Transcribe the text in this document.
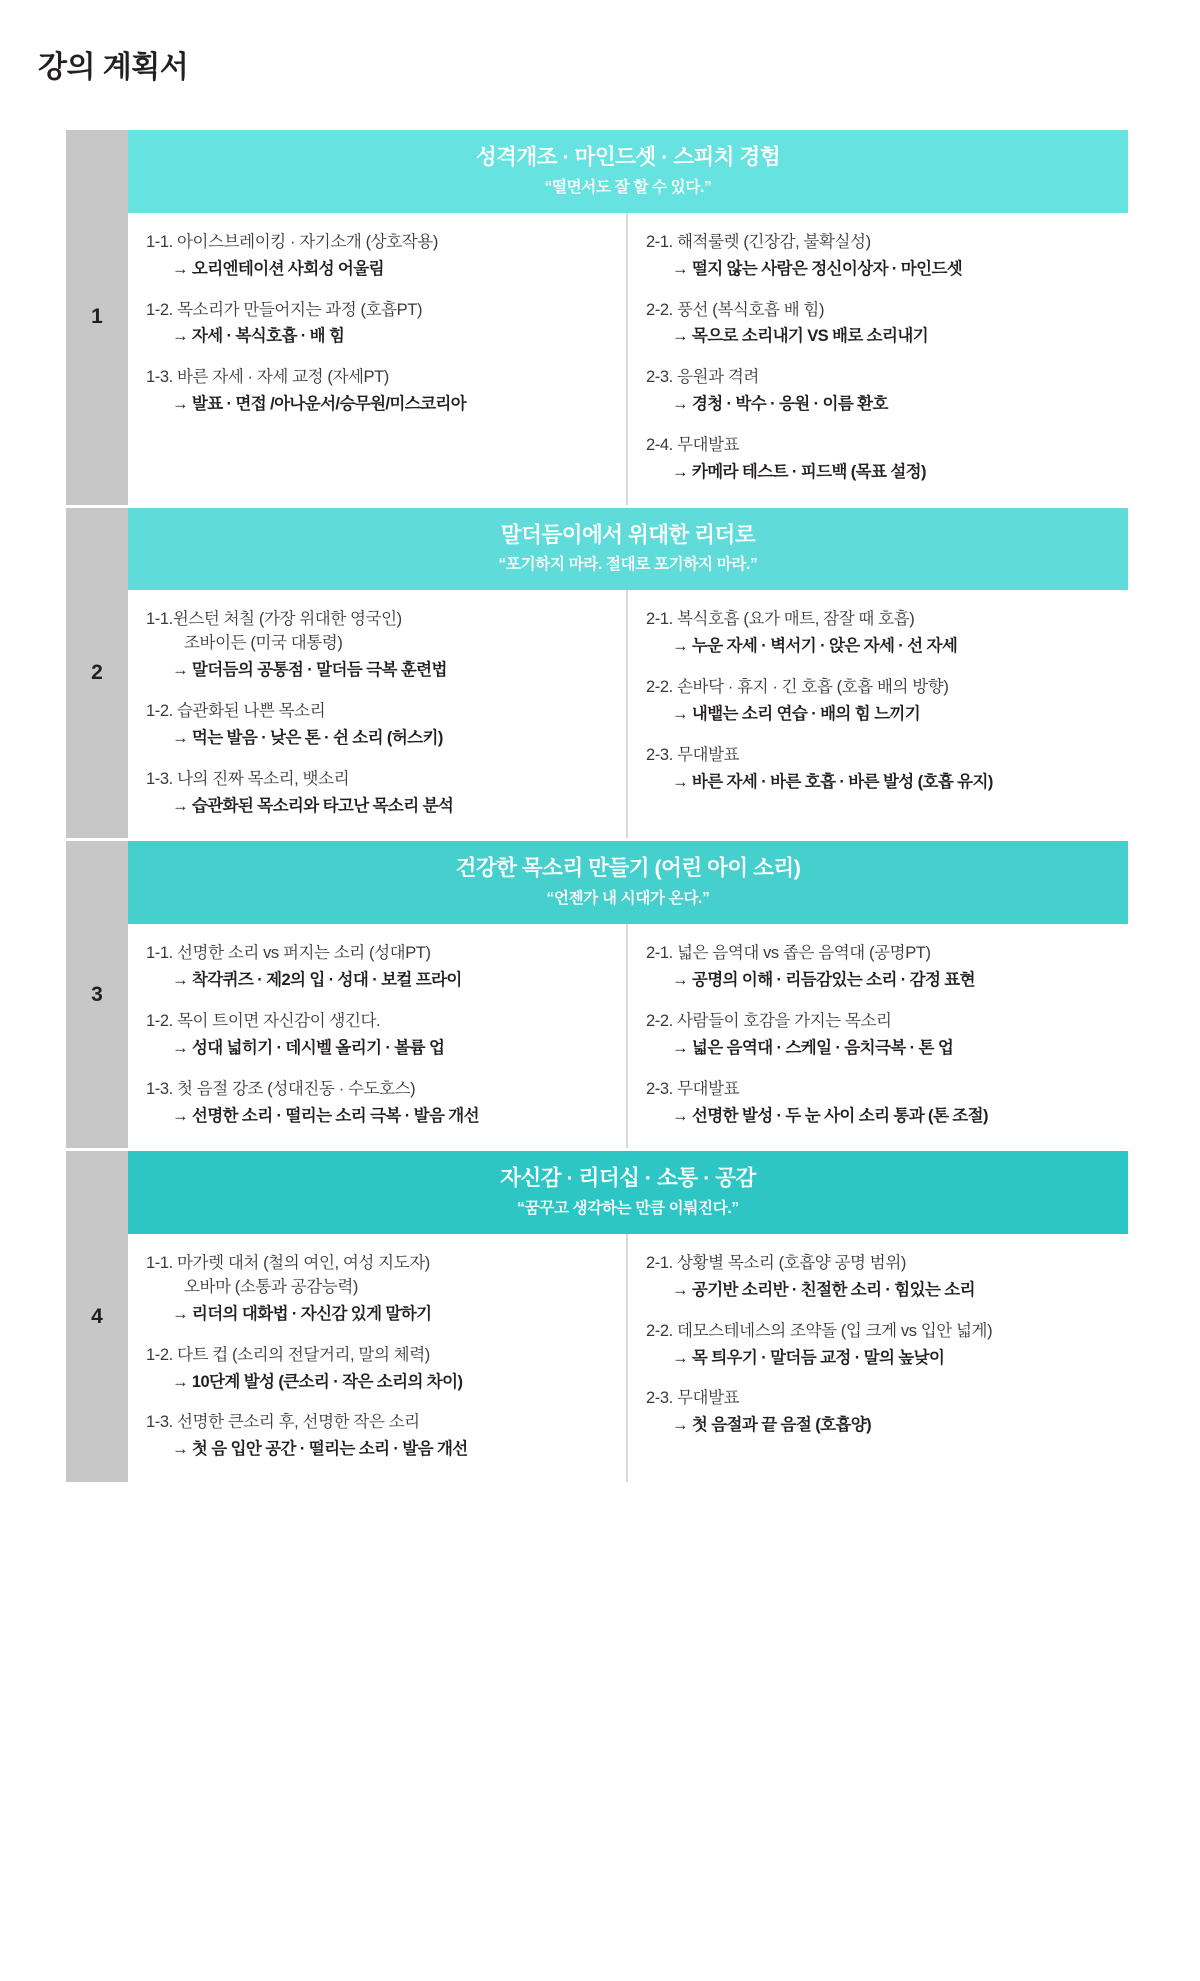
강의 계획서
1
성격개조 · 마인드셋 · 스피치 경험
“떨면서도 잘 할 수 있다.”
1-1. 아이스브레이킹 · 자기소개 (상호작용)
→ 오리엔테이션 사회성 어울림
1-2. 목소리가 만들어지는 과정 (호흡PT)
→ 자세 · 복식호흡 · 배 힘
1-3. 바른 자세 · 자세 교정 (자세PT)
→ 발표 · 면접 /아나운서/승무원/미스코리아
2-1. 해적룰렛 (긴장감, 불확실성)
→ 떨지 않는 사람은 정신이상자 · 마인드셋
2-2. 풍선 (복식호흡 배 힘)
→ 목으로 소리내기 VS 배로 소리내기
2-3. 응원과 격려
→ 경청 · 박수 · 응원 · 이름 환호
2-4. 무대발표
→ 카메라 테스트 · 피드백 (목표 설정)
2
말더듬이에서 위대한 리더로
“포기하지 마라. 절대로 포기하지 마라.”
1-1.윈스턴 처칠 (가장 위대한 영국인)
조바이든 (미국 대통령)
→ 말더듬의 공통점 · 말더듬 극복 훈련법
1-2. 습관화된 나쁜 목소리
→ 먹는 발음 · 낮은 톤 · 쉰 소리 (허스키)
1-3. 나의 진짜 목소리, 뱃소리
→ 습관화된 목소리와 타고난 목소리 분석
2-1. 복식호흡 (요가 매트, 잠잘 때 호흡)
→ 누운 자세 · 벽서기 · 앉은 자세 · 선 자세
2-2. 손바닥 · 휴지 · 긴 호흡 (호흡 배의 방향)
→ 내뱉는 소리 연습 · 배의 힘 느끼기
2-3. 무대발표
→ 바른 자세 · 바른 호흡 · 바른 발성 (호흡 유지)
3
건강한 목소리 만들기 (어린 아이 소리)
“언젠가 내 시대가 온다.”
1-1. 선명한 소리 vs 퍼지는 소리 (성대PT)
→ 착각퀴즈 · 제2의 입 · 성대 · 보컬 프라이
1-2. 목이 트이면 자신감이 생긴다.
→ 성대 넓히기 · 데시벨 올리기 · 볼륨 업
1-3. 첫 음절 강조 (성대진동 · 수도호스)
→ 선명한 소리 · 떨리는 소리 극복 · 발음 개선
2-1. 넓은 음역대 vs 좁은 음역대 (공명PT)
→ 공명의 이해 · 리듬감있는 소리 · 감정 표현
2-2. 사람들이 호감을 가지는 목소리
→ 넓은 음역대 · 스케일 · 음치극복 · 톤 업
2-3. 무대발표
→ 선명한 발성 · 두 눈 사이 소리 통과 (톤 조절)
4
자신감 · 리더십 · 소통 · 공감
“꿈꾸고 생각하는 만큼 이뤄진다.”
1-1. 마가렛 대처 (철의 여인, 여성 지도자)
오바마 (소통과 공감능력)
→ 리더의 대화법 · 자신감 있게 말하기
1-2. 다트 컵 (소리의 전달거리, 말의 체력)
→ 10단계 발성 (큰소리 · 작은 소리의 차이)
1-3. 선명한 큰소리 후, 선명한 작은 소리
→ 첫 음 입안 공간 · 떨리는 소리 · 발음 개선
2-1. 상황별 목소리 (호흡양 공명 범위)
→ 공기반 소리반 · 친절한 소리 · 힘있는 소리
2-2. 데모스테네스의 조약돌 (입 크게 vs 입안 넓게)
→ 목 틔우기 · 말더듬 교정 · 말의 높낮이
2-3. 무대발표
→ 첫 음절과 끝 음절 (호흡양)
